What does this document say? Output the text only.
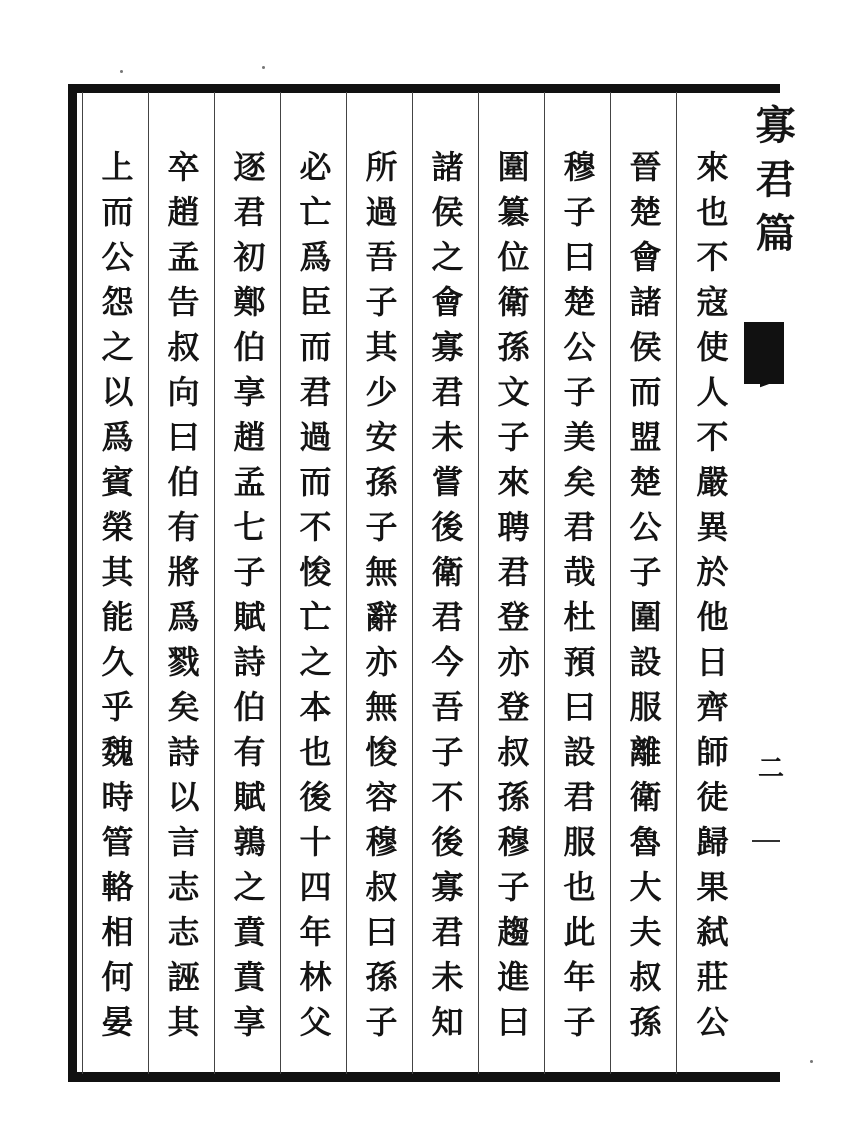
寡君篇
二
來也不寇使人不嚴異於他日齊師徒歸果弑莊公
晉楚會諸侯而盟楚公子圍設服離衛魯大夫叔孫
穆子曰楚公子美矣君哉杜預曰設君服也此年子
圍簒位衛孫文子來聘君登亦登叔孫穆子趨進曰
諸侯之會寡君未嘗後衛君今吾子不後寡君未知
所過吾子其少安孫子無辭亦無悛容穆叔曰孫子
必亡爲臣而君過而不悛亡之本也後十四年林父
逐君初鄭伯享趙孟七子賦詩伯有賦鶉之賁賁享
卒趙孟告叔向曰伯有將爲戮矣詩以言志志誣其
上而公怨之以爲賓榮其能久乎魏時管輅相何晏
